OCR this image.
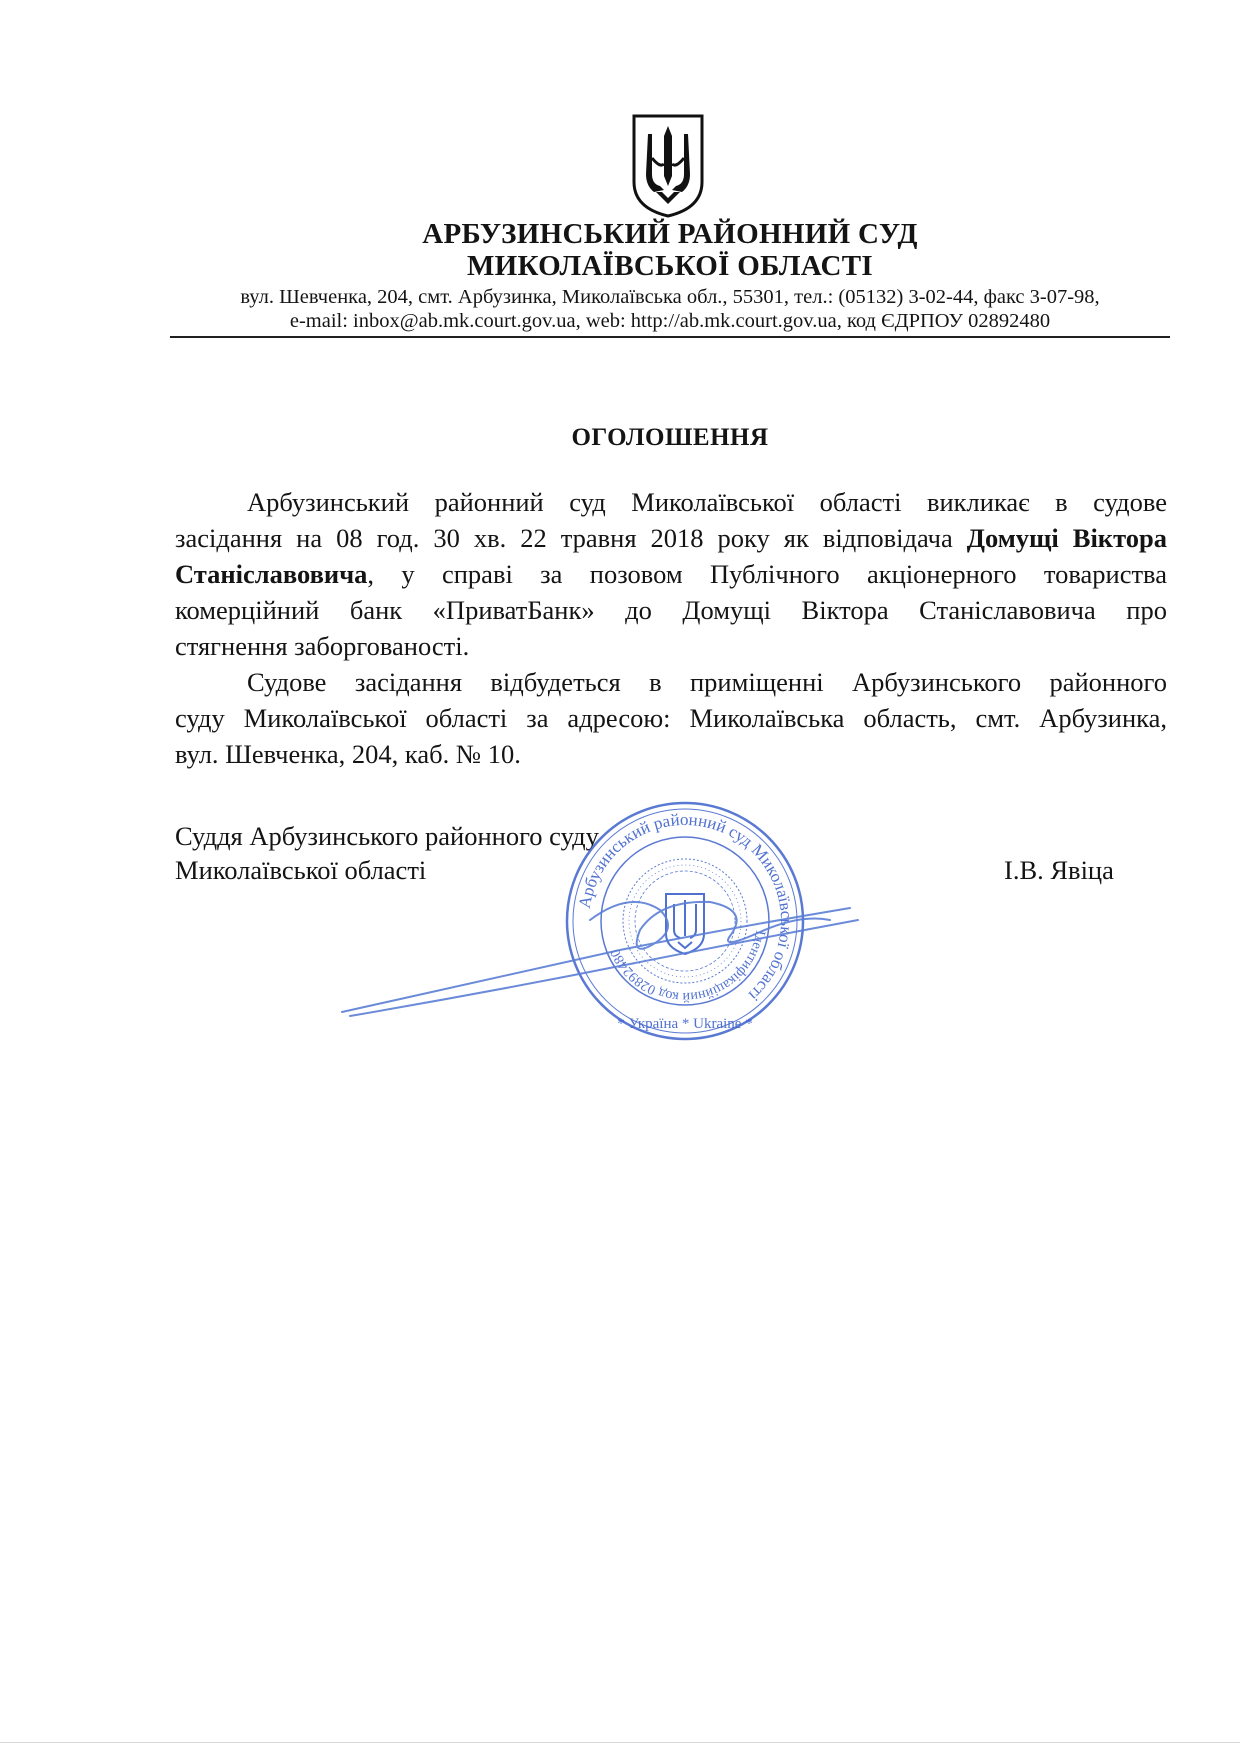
АРБУЗИНСЬКИЙ РАЙОННИЙ СУД
МИКОЛАЇВСЬКОЇ ОБЛАСТІ
вул. Шевченка, 204, смт. Арбузинка, Миколаївська обл., 55301, тел.: (05132) 3-02-44, факс 3-07-98,
e-mail: inbox@ab.mk.court.gov.ua, web: http://ab.mk.court.gov.ua, код ЄДРПОУ 02892480
ОГОЛОШЕННЯ
Арбузинський районний суд Миколаївської області викликає в судове
засідання на 08 год. 30 хв. 22 травня 2018 року як відповідача Домущі Віктора
Станіславовича, у справі за позовом Публічного акціонерного товариства
комерційний банк «ПриватБанк» до Домущі Віктора Станіславовича про
стягнення заборгованості.
Судове засідання відбудеться в приміщенні Арбузинського районного
суду Миколаївської області за адресою: Миколаївська область, смт. Арбузинка,
вул. Шевченка, 204, каб. № 10.
Суддя Арбузинського районного суду
Миколаївської області	І.В. Явіца
Арбузинський районний суд Миколаївської області
Ідентифікаційний код 02892480
* Україна * Ukraine *
